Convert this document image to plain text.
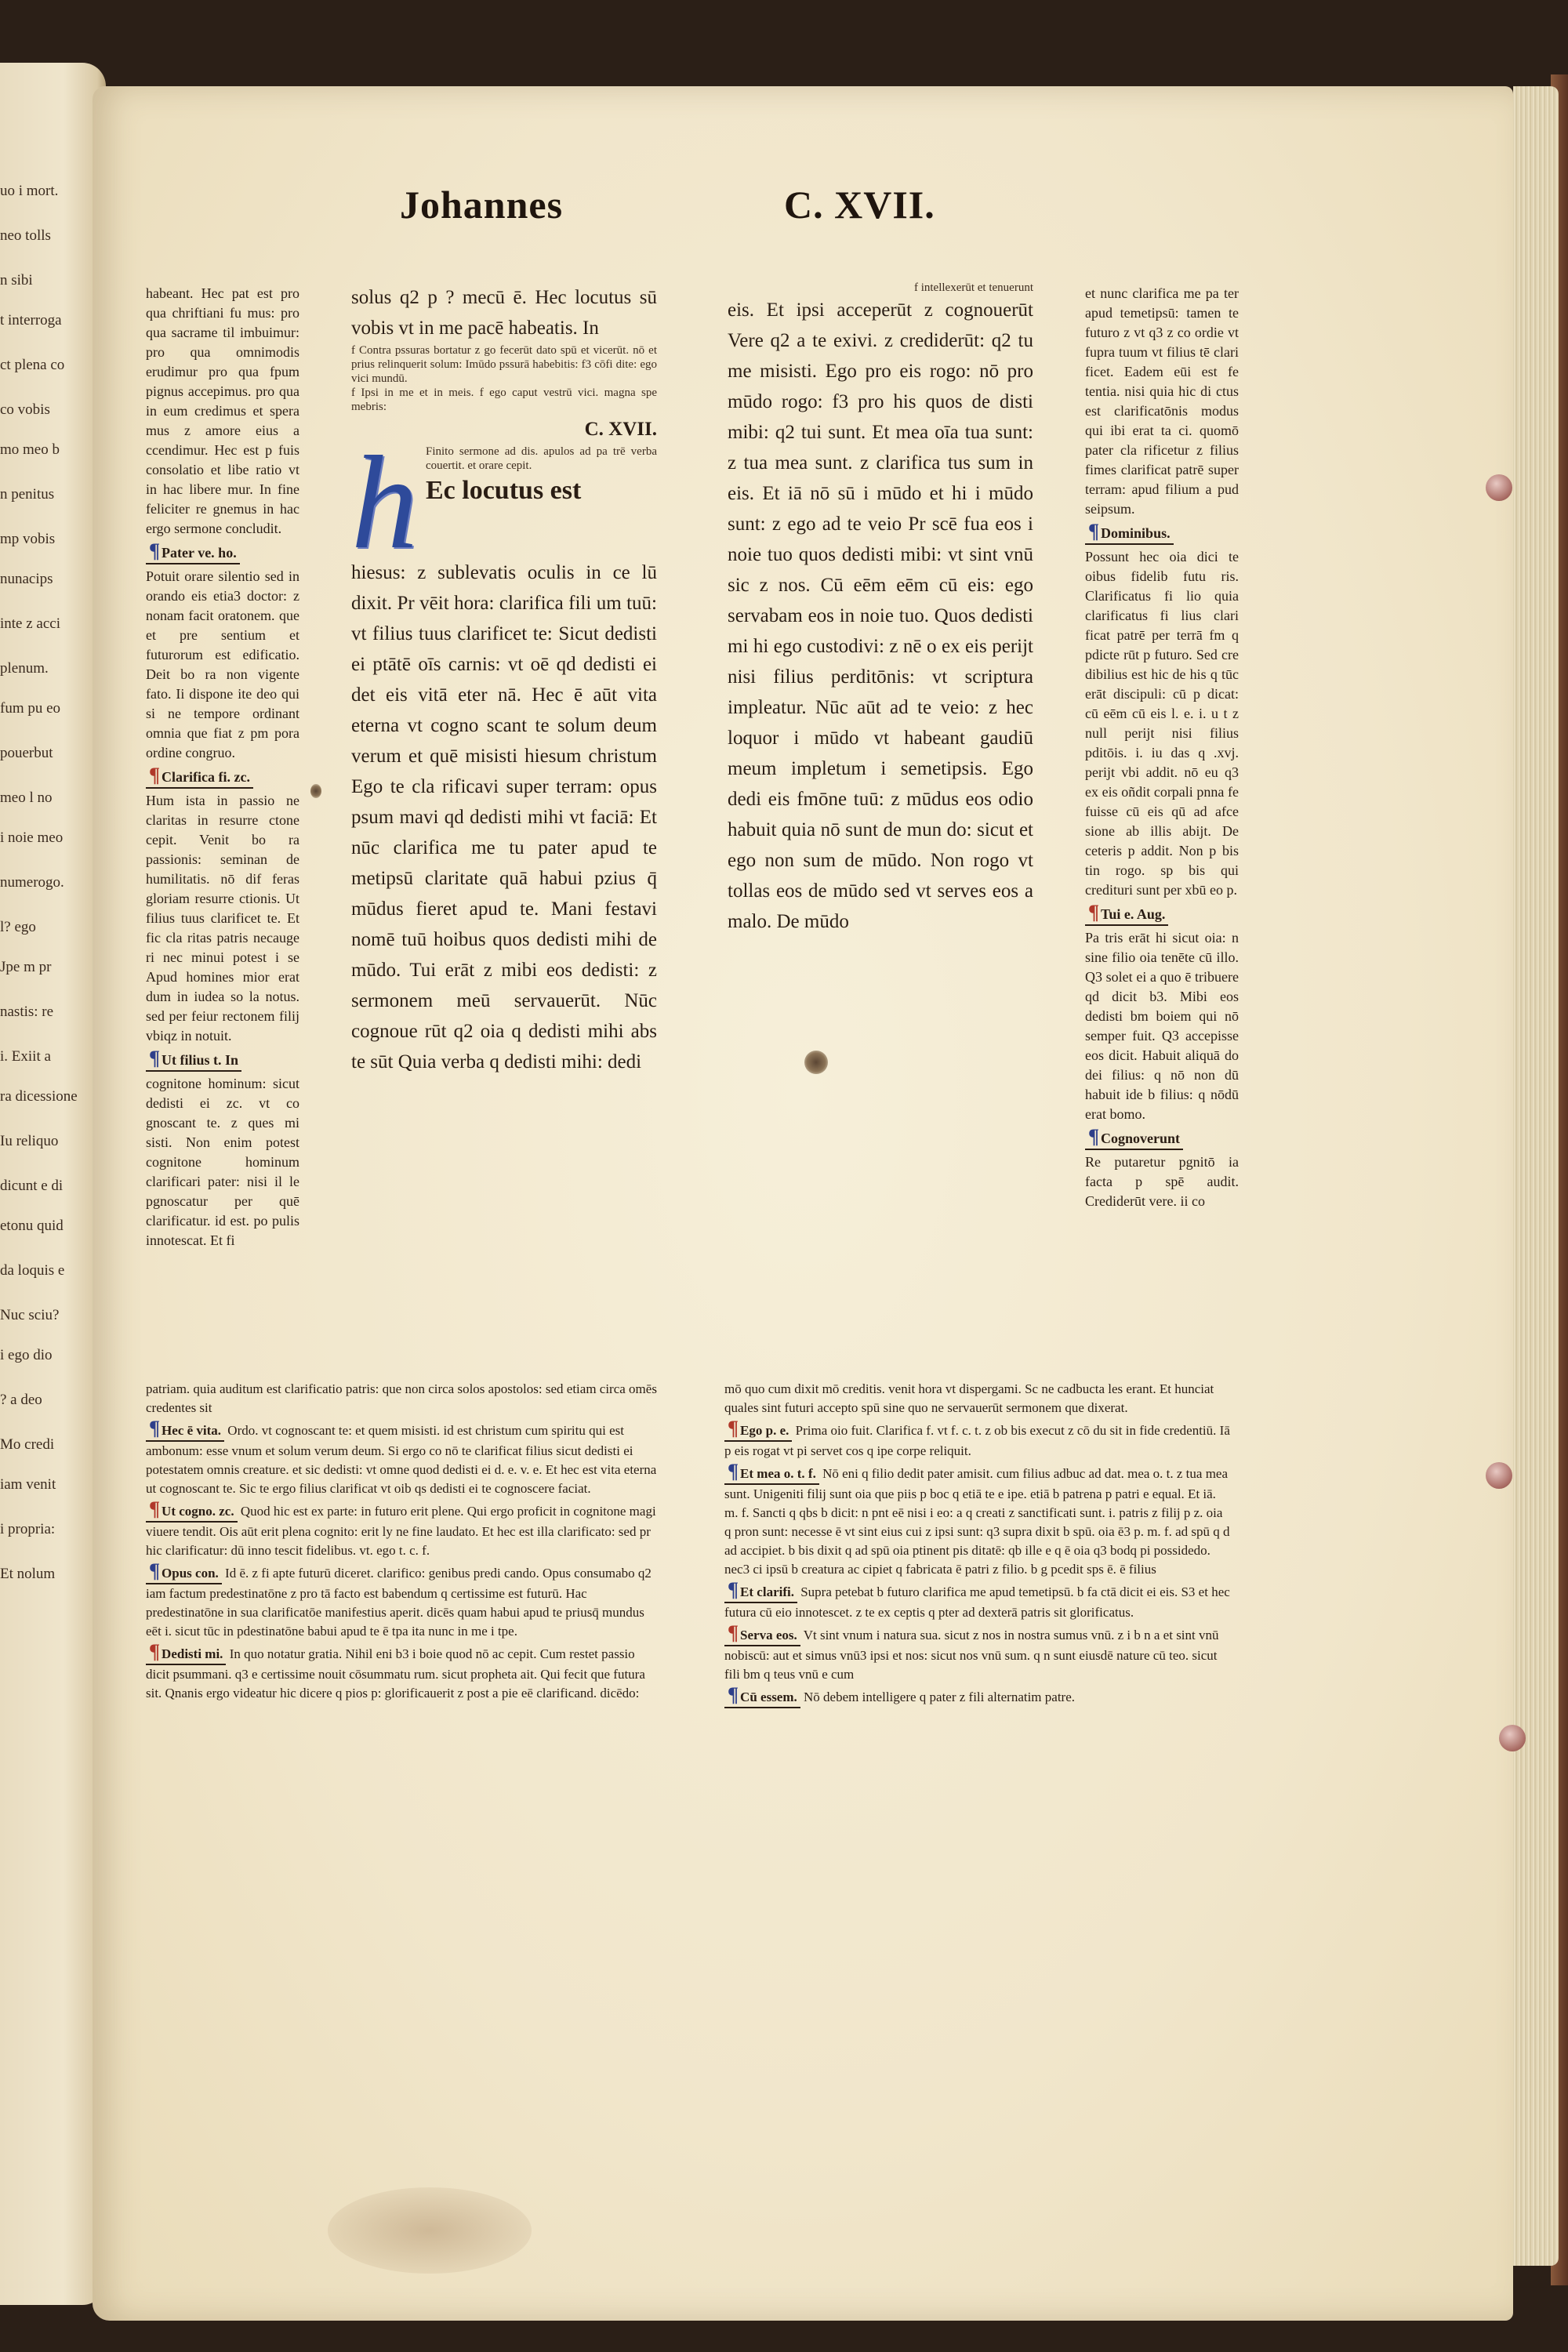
uo i mort.
neo tolls
n sibi
t interroga
ct plena co
co vobis
mo meo b
n penitus
mp vobis
nunacips
inte z acci
plenum.
fum pu eo
pouerbut
meo l no
i noie meo
numerogo.
l? ego
Jpe m pr
nastis: re
i. Exiit a
ra dicessione
Iu reliquo
dicunt e di
etonu quid
da loquis e
Nuc sciu?
i ego dio
? a deo
Mo credi
iam venit
i propria:
Et nolum
Johannes	C. XVII.

habeant. Hec pat est pro qua chriftiani fu mus: pro qua sacrame til imbuimur: pro qua omnimodis erudimur pro qua fpum pignus accepimus. pro qua in eum credimus et spera mus z amore eius a ccendimur. Hec est p fuis consolatio et libe ratio vt in hac libere mur. In fine feliciter re gnemus in hac ergo sermone concludit.

¶ Pater ve. ho.

Potuit orare silentio sed in orando eis etia3 doctor: z nonam facit oratonem. que et pre sentium et futurorum est edificatio. Deit bo ra non vigente fato. Ii dispone ite deo qui si ne tempore ordinant omnia que fiat z pm pora ordine congruo.

¶ Clarifica fi. zc.

Hum ista in passio ne claritas in resurre ctone cepit. Venit bo ra passionis: seminan de humilitatis. nō dif feras gloriam resurre ctionis. Ut filius tuus clarificet te. Et fic cla ritas patris necauge ri nec minui potest i se Apud homines mior erat dum in iudea so la notus. sed per feiur rectonem filij vbiqz in notuit.

¶ Ut filius t. In

cognitone hominum: sicut dedisti ei zc. vt co gnoscant te. z ques mi sisti. Non enim potest cognitone hominum clarificari pater: nisi il le pgnoscatur per quē clarificatur. id est. po pulis innotescat. Et fi

solus q2 p ? mecū ē. Hec locutus sū vobis vt in me pacē habeatis. In

f Contra pssuras bortatur z go fecerūt dato spū et vicerūt. nō et prius relinquerit solum: Imūdo pssurā habebitis: f3 cōfi dite: ego vici mundū.

f Ipsi in me et in meis. f ego caput vestrū vici. magna spe mebris:

C. XVII.

h Finito sermone ad dis. apulos ad pa trē verba couertit. et orare cepit.

Ec locutus est

hiesus: z sublevatis oculis in ce lū dixit. Pr vēit hora: clarifica fili um tuū: vt filius tuus clarificet te: Sicut dedisti ei ptātē oīs carnis: vt oē qd dedisti ei det eis vitā eter nā. Hec ē aūt vita eterna vt cogno scant te solum deum verum et quē misisti hiesum christum Ego te cla rificavi super terram: opus psum mavi qd dedisti mihi vt faciā: Et nūc clarifica me tu pater apud te metipsū claritate quā habui pzius q̄ mūdus fieret apud te. Mani festavi nomē tuū hoibus quos dedisti mihi de mūdo. Tui erāt z mibi eos dedisti: z sermonem meū servauerūt. Nūc cognoue rūt q2 oia q dedisti mihi abs te sūt Quia verba q dedisti mihi: dedi

f intellexerūt et tenuerunt

eis. Et ipsi acceperūt z cognouerūt Vere q2 a te exivi. z crediderūt: q2 tu me misisti. Ego pro eis rogo: nō pro mūdo rogo: f3 pro his quos de disti mibi: q2 tui sunt. Et mea oīa tua sunt: z tua mea sunt. z clarifica tus sum in eis. Et iā nō sū i mūdo et hi i mūdo sunt: z ego ad te veio Pr scē fua eos i noie tuo quos dedisti mibi: vt sint vnū sic z nos. Cū eēm eēm cū eis: ego servabam eos in noie tuo. Quos dedisti mi hi ego custodivi: z nē o ex eis perijt nisi filius perditōnis: vt scriptura impleatur. Nūc aūt ad te veio: z hec loquor i mūdo vt habeant gaudiū meum impletum i semetipsis. Ego dedi eis fmōne tuū: z mūdus eos odio habuit quia nō sunt de mun do: sicut et ego non sum de mūdo. Non rogo vt tollas eos de mūdo sed vt serves eos a malo. De mūdo

et nunc clarifica me pa ter apud temetipsū: tamen te futuro z vt q3 z co ordie vt fupra tuum vt filius tē clari ficet. Eadem eūi est fe tentia. nisi quia hic di ctus est clarificatōnis modus qui ibi erat ta ci. quomō pater cla rificetur z filius fimes clarificat patrē super terram: apud filium a pud seipsum.

¶ Dominibus.

Possunt hec oia dici te oibus fidelib futu ris. Clarificatus fi lio quia clarificatus fi lius clari ficat patrē per terrā fm q pdicte rūt p futuro. Sed cre dibilius est hic de his q tūc erāt discipuli: cū p dicat: cū eēm cū eis l. e. i. u t z null perijt nisi filius pditōis. i. iu das q .xvj. perijt vbi addit. nō eu q3 ex eis oñdit corpali pnna fe fuisse cū eis qū ad afce sione ab illis abijt. De ceteris p addit. Non p bis tin rogo. sp bis qui credituri sunt per xbū eo p.

¶ Tui e. Aug.

Pa tris erāt hi sicut oia: n sine filio oia tenēte cū illo. Q3 solet ei a quo ē tribuere qd dicit b3. Mibi eos dedisti bm boiem qui nō semper fuit. Q3 accepisse eos dicit. Habuit aliquā do dei filius: q nō non dū habuit ide b filius: q nōdū erat bomo.

¶ Cognoverunt

Re putaretur pgnitō ia facta p spē audit. Crediderūt vere. ii co

patriam. quia auditum est clarificatio patris: que non circa solos apostolos: sed etiam circa omēs credentes sit

¶ Hec ē vita. Ordo. vt cognoscant te: et quem misisti. id est christum cum spiritu qui est ambonum: esse vnum et solum verum deum. Si ergo co nō te clarificat filius sicut dedisti ei potestatem omnis creature. et sic dedisti: vt omne quod dedisti ei d. e. v. e. Et hec est vita eterna ut cognoscant te. Sic te ergo filius clarificat vt oib qs dedisti ei te cognoscere faciat.

¶ Ut cogno. zc. Quod hic est ex parte: in futuro erit plene. Qui ergo proficit in cognitone magi viuere tendit. Ois aūt erit plena cognito: erit ly ne fine laudato. Et hec est illa clarificato: sed pr hic clarificatur: dū inno tescit fidelibus. vt. ego t. c. f.

¶ Opus con. Id ē. z fi apte futurū diceret. clarifico: genibus predi cando. Opus consumabo q2 iam factum predestinatōne z pro tā facto est babendum q certissime est futurū. Hac predestinatōne in sua clarificatōe manifestius aperit. dicēs quam habui apud te priusq̄ mundus eēt i. sicut tūc in pdestinatōne babui apud te ē tpa ita nunc in me i tpe.

¶ Dedisti mi. In quo notatur gratia. Nihil eni b3 i boie quod nō ac cepit. Cum restet passio dicit psummani. q3 e certissime nouit cōsummatu rum. sicut propheta ait. Qui fecit que futura sit. Qnanis ergo videatur hic dicere q pios p: glorificauerit z post a pie eē clarificand. dicēdo:

mō quo cum dixit mō creditis. venit hora vt dispergami. Sc ne cadbucta les erant. Et hunciat quales sint futuri accepto spū sine quo ne servauerūt sermonem que dixerat.

¶ Ego p. e. Prima oio fuit. Clarifica f. vt f. c. t. z ob bis execut z cō du sit in fide credentiū. Iā p eis rogat vt pi servet cos q ipe corpe reliquit.

¶ Et mea o. t. f. Nō eni q filio dedit pater amisit. cum filius adbuc ad dat. mea o. t. z tua mea sunt. Unigeniti filij sunt oia que piis p boc q etiā te e ipe. etiā b patrena p patri e equal. Et iā. m. f. Sancti q qbs b dicit: n pnt eē nisi i eo: a q creati z sanctificati sunt. i. patris z filij p z. oia q pron sunt: necesse ē vt sint eius cui z ipsi sunt: q3 supra dixit b spū. oia ē3 p. m. f. ad spū q d ad accipiet. b bis dixit q ad spū oia ptinent pis ditatē: qb ille e q ē oia q3 bodq pi possidedo. nec3 ci ipsū b creatura ac cipiet q fabricata ē patri z filio. b g pcedit sps ē. ē filius

¶ Et clarifi. Supra petebat b futuro clarifica me apud temetipsū. b fa ctā dicit ei eis. S3 et hec futura cū eio innotescet. z te ex ceptis q pter ad dexterā patris sit glorificatus.

¶ Serva eos. Vt sint vnum i natura sua. sicut z nos in nostra sumus vnū. z i b n a et sint vnū nobiscū: aut et simus vnū3 ipsi et nos: sicut nos vnū sum. q n sunt eiusdē nature cū teo. sicut fili bm q teus vnū e cum

¶ Cū essem. Nō debem intelligere q pater z fili alternatim patre.
